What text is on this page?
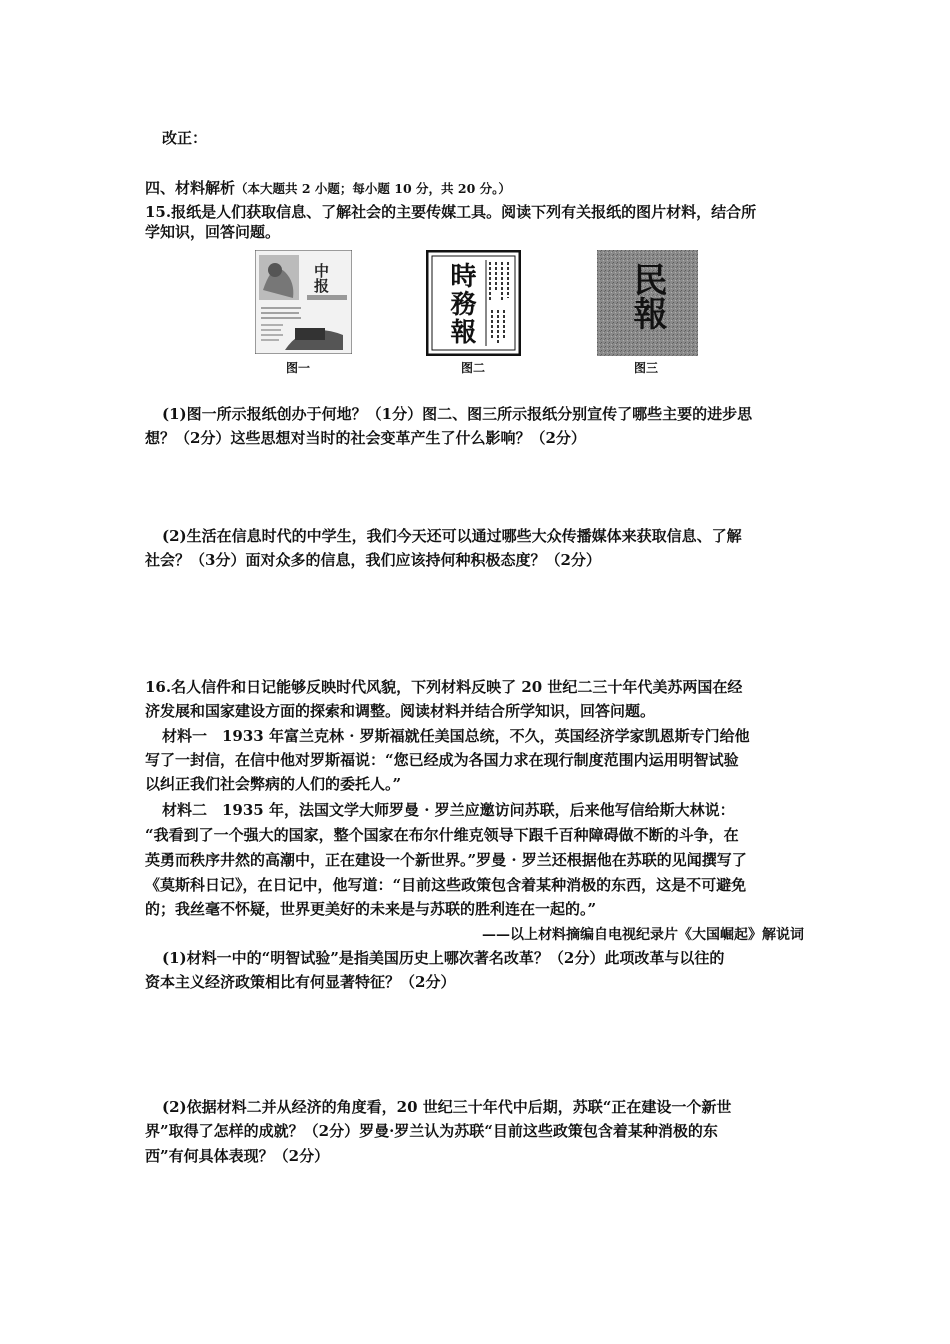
改正：
四、材料解析（本大题共 2 小题；每小题 10 分，共 20 分。）
15.报纸是人们获取信息、了解社会的主要传媒工具。阅读下列有关报纸的图片材料，结合所
学知识，回答问题。
中报
图一
時務報
图二
民報
图三
(1)图一所示报纸创办于何地？（1分）图二、图三所示报纸分别宣传了哪些主要的进步思
想？（2分）这些思想对当时的社会变革产生了什么影响？（2分）
(2)生活在信息时代的中学生，我们今天还可以通过哪些大众传播媒体来获取信息、了解
社会？（3分）面对众多的信息，我们应该持何种积极态度？（2分）
16.名人信件和日记能够反映时代风貌，下列材料反映了 20 世纪二三十年代美苏两国在经
济发展和国家建设方面的探索和调整。阅读材料并结合所学知识，回答问题。
材料一　1933 年富兰克林 · 罗斯福就任美国总统，不久，英国经济学家凯恩斯专门给他
写了一封信，在信中他对罗斯福说：“您已经成为各国力求在现行制度范围内运用明智试验
以纠正我们社会弊病的人们的委托人。”
材料二　1935 年，法国文学大师罗曼 · 罗兰应邀访问苏联，后来他写信给斯大林说：
“我看到了一个强大的国家，整个国家在布尔什维克领导下跟千百种障碍做不断的斗争，在
英勇而秩序井然的高潮中，正在建设一个新世界。”罗曼 · 罗兰还根据他在苏联的见闻撰写了
《莫斯科日记》，在日记中，他写道：“目前这些政策包含着某种消极的东西，这是不可避免
的；我丝毫不怀疑，世界更美好的未来是与苏联的胜利连在一起的。”
——以上材料摘编自电视纪录片《大国崛起》解说词
(1)材料一中的“明智试验”是指美国历史上哪次著名改革？（2分）此项改革与以往的
资本主义经济政策相比有何显著特征？（2分）
(2)依据材料二并从经济的角度看，20 世纪三十年代中后期，苏联“正在建设一个新世
界”取得了怎样的成就？（2分）罗曼·罗兰认为苏联“目前这些政策包含着某种消极的东
西”有何具体表现？（2分）
